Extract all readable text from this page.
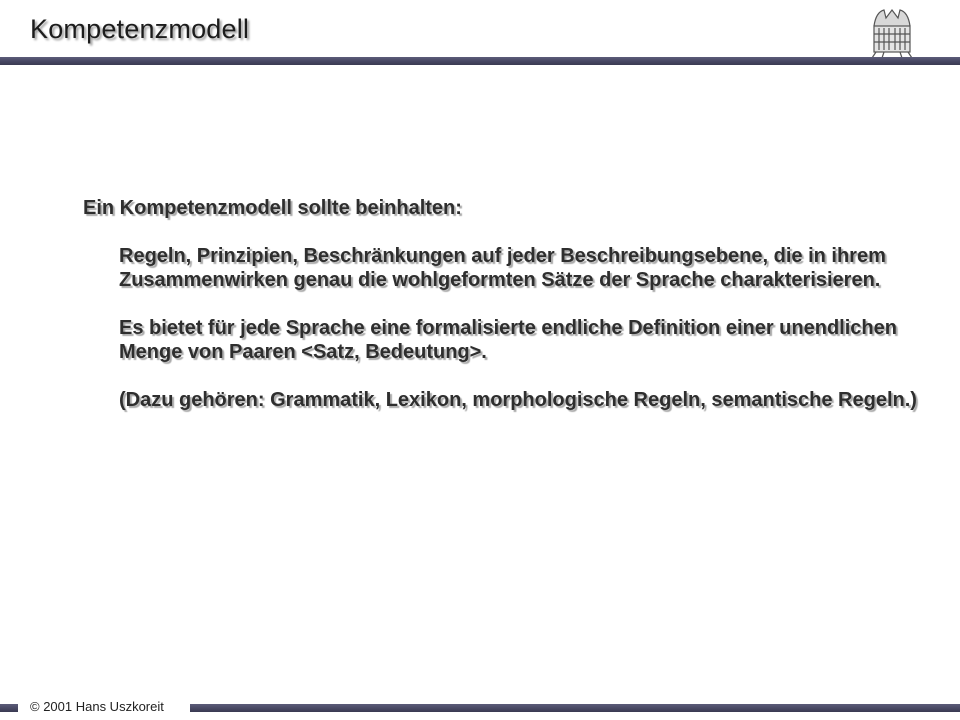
Kompetenzmodell

Ein Kompetenzmodell sollte beinhalten:

Regeln, Prinzipien, Beschränkungen auf jeder Beschreibungsebene, die in ihrem Zusammenwirken genau die wohlgeformten Sätze der Sprache charakterisieren.

Es bietet für jede Sprache eine formalisierte endliche Definition einer unendlichen Menge von Paaren <Satz, Bedeutung>.

(Dazu gehören: Grammatik, Lexikon, morphologische Regeln, semantische Regeln.)

© 2001 Hans Uszkoreit
